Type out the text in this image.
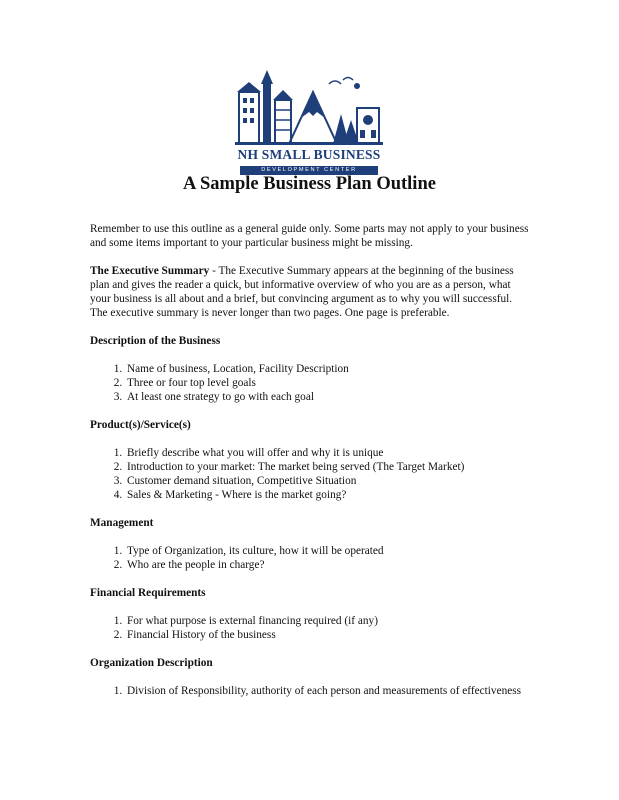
NH SMALL BUSINESS
DEVELOPMENT CENTER
A Sample Business Plan Outline

Remember to use this outline as a general guide only. Some parts may not apply to your business and some items important to your particular business might be missing.

The Executive Summary - The Executive Summary appears at the beginning of the business plan and gives the reader a quick, but informative overview of who you are as a person, what your business is all about and a brief, but convincing argument as to why you will successful. The executive summary is never longer than two pages. One page is preferable.

Description of the Business

1. Name of business, Location, Facility Description
2. Three or four top level goals
3. At least one strategy to go with each goal

Product(s)/Service(s)

1. Briefly describe what you will offer and why it is unique
2. Introduction to your market: The market being served (The Target Market)
3. Customer demand situation, Competitive Situation
4. Sales & Marketing - Where is the market going?

Management

1. Type of Organization, its culture, how it will be operated
2. Who are the people in charge?

Financial Requirements

1. For what purpose is external financing required (if any)
2. Financial History of the business

Organization Description

1. Division of Responsibility, authority of each person and measurements of effectiveness
